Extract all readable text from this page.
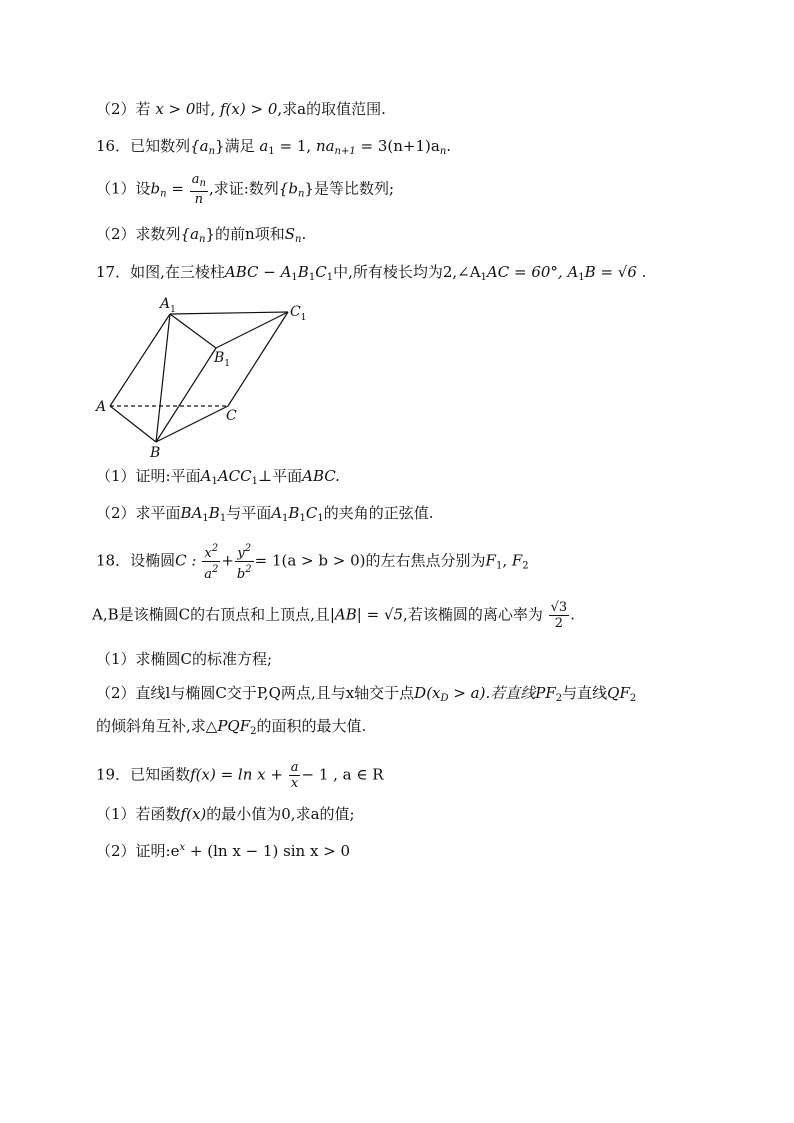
（2）若 x > 0时, f(x) > 0,求a的取值范围.
16．已知数列$\{a_n\}$满足 $a_1 = 1$, $na_{n+1} = 3(n+1)a_n$.
（1）设$b_n = \frac{a_n}{n}$ ,求证:数列$\{b_n\}$是等比数列;
（2）求数列$\{a_n\}$的前n项和$S_n$.
17．如图,在三棱柱ABC − $A_1B_1C_1$中,所有棱长均为$2,\angle A_1AC = 60^\circ$, $A_1B = √6$ .
$A_1$	$C_1$
$B_1$
A
B
C
（1）证明:平面$A_1ACC_1\perp$平面ABC.
（2）求平面$BA_1B_1$与平面$A_1B_1C_1$的夹角的正弦值.
18．设椭圆C : $\frac{x^2}{a^2} + \frac{y^2}{b^2} = 1(a > b > 0)$的左右焦点分别为$F_1$, $F_2$
A,B是该椭圆C的右顶点和上顶点,且|AB| = √5,若该椭圆的离心率为 $\frac{√3}{2}$ .
（1）求椭圆C的标准方程;
（2）直线l与椭圆C交于P,Q两点,且与x轴交于点$D(x_D > a)$.若直线$PF_2$与直线$QF_2$
的倾斜角互补,求$\triangle PQF_2$的面积的最大值.
19．已知函数$f(x) = \ln x + \frac{a}{x} - 1$ , a ∈ R
（1）若函数f(x)的最小值为0,求a的值;
（2）证明$:e^x + (\ln$ x − 1) sin x > 0
